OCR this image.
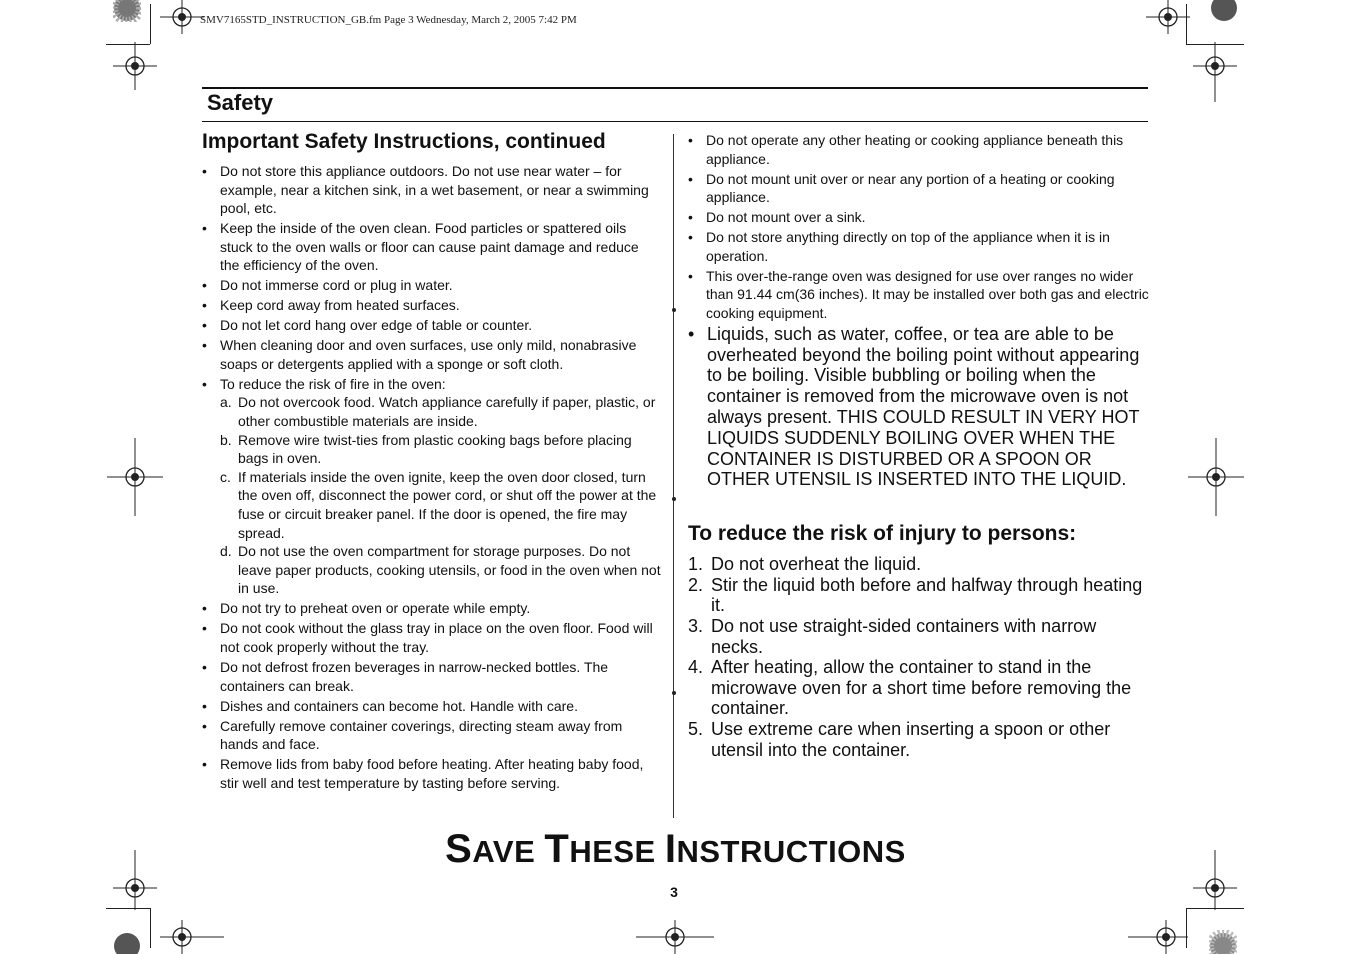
SMV7165STD_INSTRUCTION_GB.fm Page 3 Wednesday, March 2, 2005 7:42 PM
Safety
Important Safety Instructions, continued
• Do not store this appliance outdoors. Do not use near water – for example, near a kitchen sink, in a wet basement, or near a swimming pool, etc.
• Keep the inside of the oven clean. Food particles or spattered oils stuck to the oven walls or floor can cause paint damage and reduce the efficiency of the oven.
• Do not immerse cord or plug in water.
• Keep cord away from heated surfaces.
• Do not let cord hang over edge of table or counter.
• When cleaning door and oven surfaces, use only mild, nonabrasive soaps or detergents applied with a sponge or soft cloth.
• To reduce the risk of fire in the oven:
a. Do not overcook food. Watch appliance carefully if paper, plastic, or other combustible materials are inside.
b. Remove wire twist-ties from plastic cooking bags before placing bags in oven.
c. If materials inside the oven ignite, keep the oven door closed, turn the oven off, disconnect the power cord, or shut off the power at the fuse or circuit breaker panel. If the door is opened, the fire may spread.
d. Do not use the oven compartment for storage purposes. Do not leave paper products, cooking utensils, or food in the oven when not in use.
• Do not try to preheat oven or operate while empty.
• Do not cook without the glass tray in place on the oven floor. Food will not cook properly without the tray.
• Do not defrost frozen beverages in narrow-necked bottles. The containers can break.
• Dishes and containers can become hot. Handle with care.
• Carefully remove container coverings, directing steam away from hands and face.
• Remove lids from baby food before heating. After heating baby food, stir well and test temperature by tasting before serving.
• Do not operate any other heating or cooking appliance beneath this appliance.
• Do not mount unit over or near any portion of a heating or cooking appliance.
• Do not mount over a sink.
• Do not store anything directly on top of the appliance when it is in operation.
• This over-the-range oven was designed for use over ranges no wider than 91.44 cm(36 inches). It may be installed over both gas and electric cooking equipment.
• Liquids, such as water, coffee, or tea are able to be overheated beyond the boiling point without appearing to be boiling. Visible bubbling or boiling when the container is removed from the microwave oven is not always present. THIS COULD RESULT IN VERY HOT LIQUIDS SUDDENLY BOILING OVER WHEN THE CONTAINER IS DISTURBED OR A SPOON OR OTHER UTENSIL IS INSERTED INTO THE LIQUID.
To reduce the risk of injury to persons:
1. Do not overheat the liquid.
2. Stir the liquid both before and halfway through heating it.
3. Do not use straight-sided containers with narrow necks.
4. After heating, allow the container to stand in the microwave oven for a short time before removing the container.
5. Use extreme care when inserting a spoon or other utensil into the container.
SAVE THESE INSTRUCTIONS
3
